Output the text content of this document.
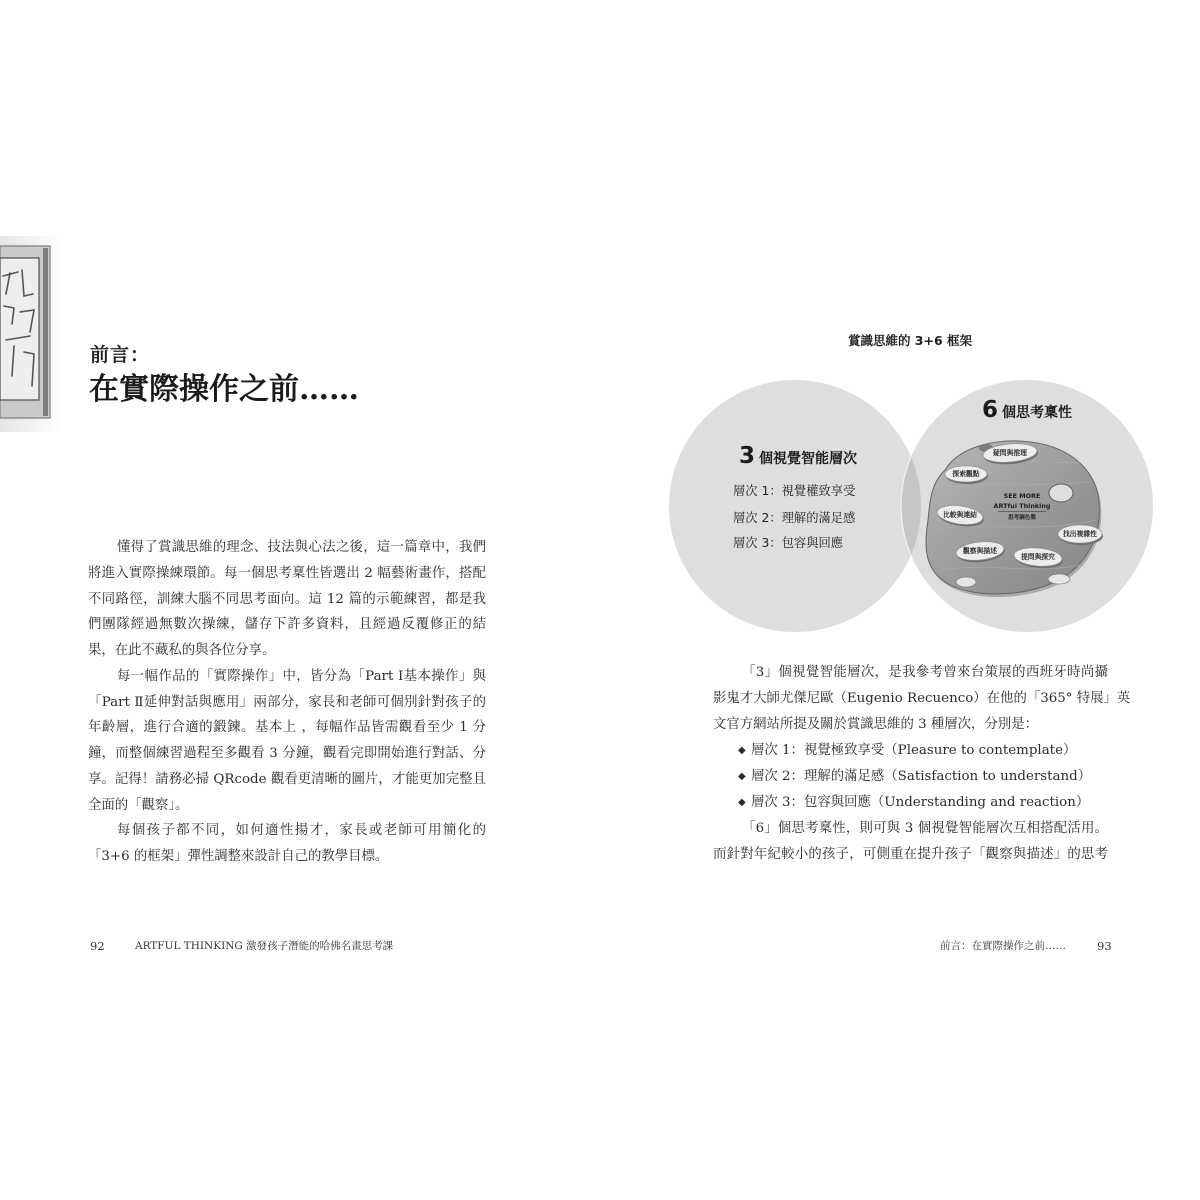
前言：
在實際操作之前……
懂得了賞識思維的理念、技法與心法之後，這一篇章中，我們
將進入實際操練環節。每一個思考稟性皆選出 2 幅藝術畫作，搭配
不同路徑，訓練大腦不同思考面向。這 12 篇的示範練習，都是我
們團隊經過無數次操練，儲存下許多資料，且經過反覆修正的結
果，在此不藏私的與各位分享。
每一幅作品的「實際操作」中，皆分為「Part Ⅰ基本操作」與
「Part Ⅱ延伸對話與應用」兩部分，家長和老師可個別針對孩子的
年齡層，進行合適的鍛鍊。基本上 ，每幅作品皆需觀看至少 1 分
鐘，而整個練習過程至多觀看 3 分鐘，觀看完即開始進行對話、分
享。記得！請務必掃 QRcode 觀看更清晰的圖片，才能更加完整且
全面的「觀察」。
每個孩子都不同，如何適性揚才，家長或老師可用簡化的
「3+6 的框架」彈性調整來設計自己的教學目標。
92	ARTFUL THINKING 激發孩子潛能的哈佛名畫思考課
賞識思維的 3+6 框架
疑問與推理
探索觀點
比較與連結
找出複雜性
觀察與描述
提問與探究
SEE MORE
ARTful Thinking
思考調色盤
3 個視覺智能層次
層次 1：視覺權致享受
層次 2：理解的滿足感
層次 3：包容與回應
6 個思考稟性
「3」個視覺智能層次，是我參考曾來台策展的西班牙時尚攝
影鬼才大師尤傑尼歐（Eugenio Recuenco）在他的「365° 特展」英
文官方網站所提及關於賞識思維的 3 種層次，分別是：
◆ 層次 1：視覺極致享受（Pleasure to contemplate）
◆ 層次 2：理解的滿足感（Satisfaction to understand）
◆ 層次 3：包容與回應（Understanding and reaction）
「6」個思考稟性，則可與 3 個視覺智能層次互相搭配活用。
而針對年紀較小的孩子，可側重在提升孩子「觀察與描述」的思考
前言：在實際操作之前……	93
